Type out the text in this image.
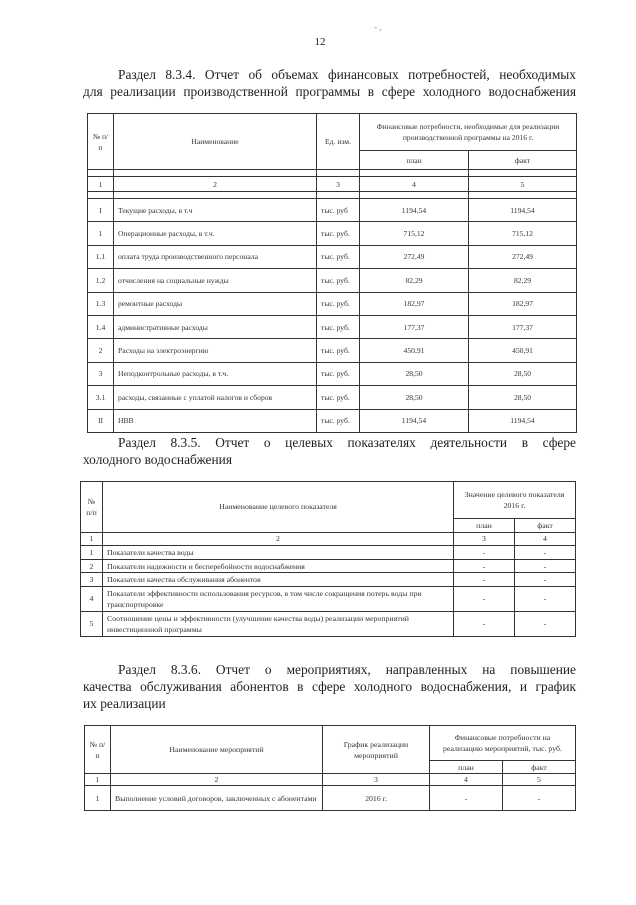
12
- ,
Раздел 8.3.4. Отчет об объемах финансовых потребностей, необходимых
для реализации производственной программы в сфере холодного водоснабжения
№ п/п	Наименование	Ед. изм.	Финансовые потребности, необходимые для реализации производственной программы на 2016 г.	
			план	факт

1	2	3	4	5

I	Текущие расходы, в т.ч	тыс. руб	1194,54	1194,54
1	Операционные расходы, в т.ч.	тыс. руб.	715,12	715,12
1.1	оплата труда производственного персонала	тыс. руб.	272,49	272,49
1.2	отчисления на социальные нужды	тыс. руб.	82,29	82,29
1.3	ремонтные расходы	тыс. руб.	182,97	182,97
1.4	административные расходы	тыс. руб.	177,37	177,37
2	Расходы на электроэнергию	тыс. руб.	450,91	450,91
3	Неподконтрольные расходы, в т.ч.	тыс. руб.	28,50	28,50
3.1	расходы, связанные с уплатой налогов и сборов	тыс. руб.	28,50	28,50
II	НВВ	тыс. руб.	1194,54	1194,54
Раздел 8.3.5. Отчет о целевых показателях деятельности в сфере
холодного водоснабжения
№ п/п	Наименование целевого показателя	Значение целевого показателя 2016 г.	
		план	факт
1	2	3	4
1	Показатели качества воды	-	-
2	Показатели надежности и бесперебойности водоснабжения	-	-
3	Показатели качества обслуживания абонентов	-	-
4	Показатели эффективности использования ресурсов, в том числе сокращения потерь воды при транспортировке	-	-
5	Соотношение цены и эффективности (улучшение качества воды) реализации мероприятий инвестиционной программы	-	-
Раздел 8.3.6. Отчет о мероприятиях, направленных на повышение
качества обслуживания абонентов в сфере холодного водоснабжения, и график
их реализации
№ п/п	Наименование мероприятий	График реализации мероприятий	Финансовые потребности на реализацию мероприятий, тыс. руб.	
			план	факт
1	2	3	4	5
1	Выполнение условий договоров, заключенных с абонентами	2016 г.	-	-
